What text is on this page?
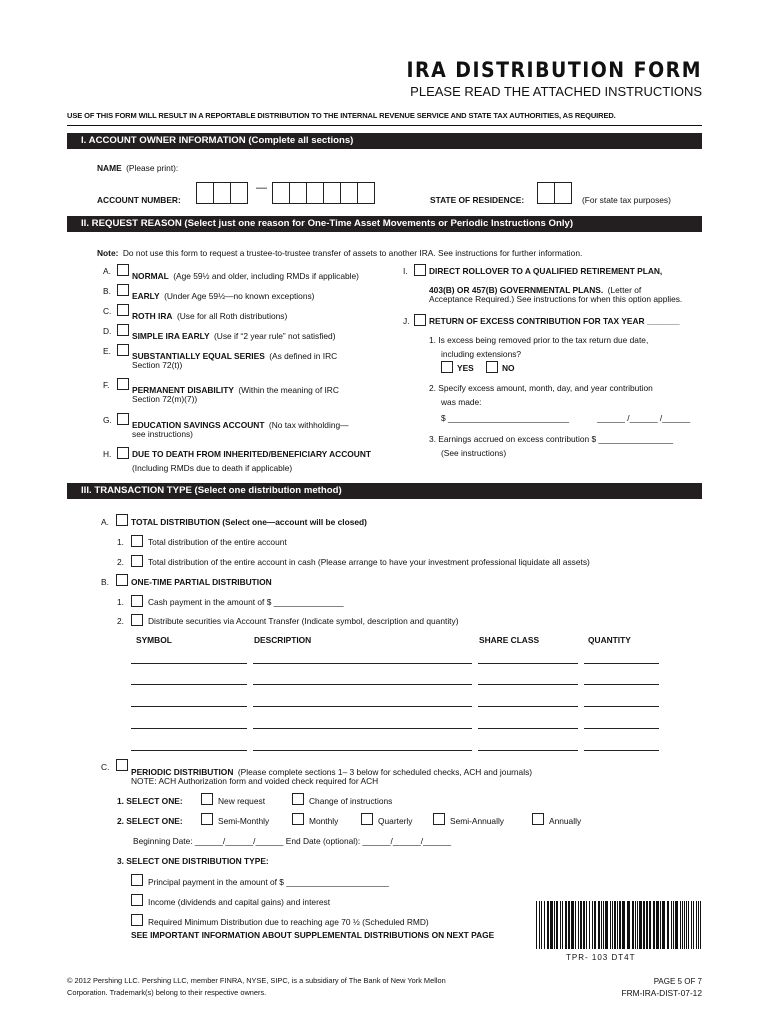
IRA DISTRIBUTION FORM
PLEASE READ THE ATTACHED INSTRUCTIONS
USE OF THIS FORM WILL RESULT IN A REPORTABLE DISTRIBUTION TO THE INTERNAL REVENUE SERVICE AND STATE TAX AUTHORITIES, AS REQUIRED.
I. ACCOUNT OWNER INFORMATION (Complete all sections)
NAME (Please print):
ACCOUNT NUMBER:
—
STATE OF RESIDENCE:	(For state tax purposes)
II. REQUEST REASON (Select just one reason for One-Time Asset Movements or Periodic Instructions Only)
Note: Do not use this form to request a trustee-to-trustee transfer of assets to another IRA. See instructions for further information.
A.	NORMAL (Age 59½ and older, including RMDs if applicable)
B.	EARLY (Under Age 59½—no known exceptions)
C. ROTH IRA (Use for all Roth distributions)
D. SIMPLE IRA EARLY (Use if “2 year rule” not satisfied)
E.	SUBSTANTIALLY EQUAL SERIES (As defined in IRC
Section 72(t))
F.	PERMANENT DISABILITY (Within the meaning of IRC
Section 72(m)(7))
G. EDUCATION SAVINGS ACCOUNT (No tax withholding—
see instructions)
H. DUE TO DEATH FROM INHERITED/BENEFICIARY ACCOUNT
(Including RMDs due to death if applicable)
I.	DIRECT ROLLOVER TO A QUALIFIED RETIREMENT PLAN,
403(B) OR 457(B) GOVERNMENTAL PLANS. (Letter of
Acceptance Required.) See instructions for when this option applies.
J. RETURN OF EXCESS CONTRIBUTION FOR TAX YEAR _______
1. Is excess being removed prior to the tax return due date,
including extensions?
YES	NO
2. Specify excess amount, month, day, and year contribution
was made:
$ __________________________	______ /______ /______
3. Earnings accrued on excess contribution $ ________________
(See instructions)
III. TRANSACTION TYPE (Select one distribution method)
A.	TOTAL DISTRIBUTION (Select one—account will be closed)
1.	Total distribution of the entire account
2.	Total distribution of the entire account in cash (Please arrange to have your investment professional liquidate all assets)
B.	ONE-TIME PARTIAL DISTRIBUTION
1.	Cash payment in the amount of $ _______________
2.	Distribute securities via Account Transfer (Indicate symbol, description and quantity)
SYMBOL	DESCRIPTION	SHARE CLASS	QUANTITY
C.	PERIODIC DISTRIBUTION (Please complete sections 1– 3 below for scheduled checks, ACH and journals)
NOTE: ACH Authorization form and voided check required for ACH
1. SELECT ONE:	New request	Change of instructions
2. SELECT ONE:	Semi-Monthly	Monthly	Quarterly	Semi-Annually	Annually
Beginning Date: ______/______/______ End Date (optional): ______/______/______
3. SELECT ONE DISTRIBUTION TYPE:
Principal payment in the amount of $ ______________________
Income (dividends and capital gains) and interest
Required Minimum Distribution due to reaching age 70 ½ (Scheduled RMD)
SEE IMPORTANT INFORMATION ABOUT SUPPLEMENTAL DISTRIBUTIONS ON NEXT PAGE
TPR- 103 DT4T
© 2012 Pershing LLC. Pershing LLC, member FINRA, NYSE, SIPC, is a subsidiary of The Bank of New York Mellon
Corporation. Trademark(s) belong to their respective owners.
PAGE 5 OF 7
FRM-IRA-DIST-07-12
